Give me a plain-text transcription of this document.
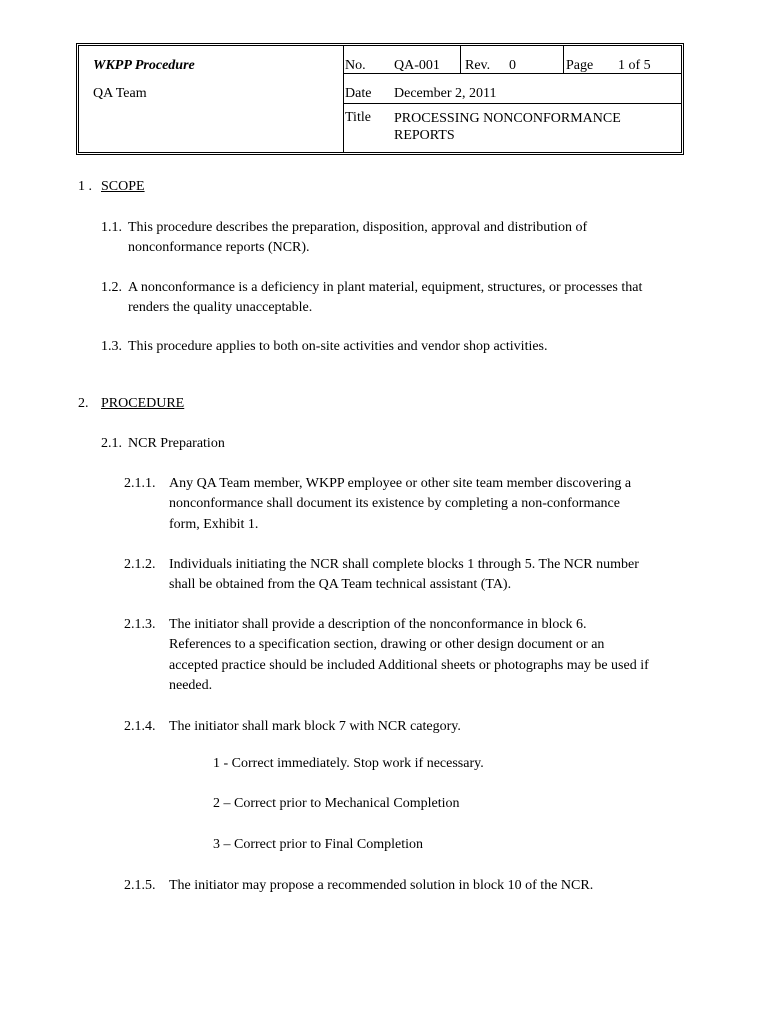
WKPP Procedure
QA Team
No. QA-001 Rev. 0	Page 1 of 5
Date December 2, 2011
Title PROCESSING NONCONFORMANCE REPORTS
1 . SCOPE
1.1. This procedure describes the preparation, disposition, approval and distribution of
nonconformance reports (NCR).
1.2. A nonconformance is a deficiency in plant material, equipment, structures, or processes that
renders the quality unacceptable.
1.3. This procedure applies to both on-site activities and vendor shop activities.
2. PROCEDURE
2.1. NCR Preparation
2.1.1. Any QA Team member, WKPP employee or other site team member discovering a
nonconformance shall document its existence by completing a non-conformance
form, Exhibit 1.
2.1.2. Individuals initiating the NCR shall complete blocks 1 through 5. The NCR number
shall be obtained from the QA Team technical assistant (TA).
2.1.3. The initiator shall provide a description of the nonconformance in block 6.
References to a specification section, drawing or other design document or an
accepted practice should be included Additional sheets or photographs may be used if
needed.
2.1.4. The initiator shall mark block 7 with NCR category.
1 - Correct immediately. Stop work if necessary.
2 – Correct prior to Mechanical Completion
3 – Correct prior to Final Completion
2.1.5. The initiator may propose a recommended solution in block 10 of the NCR.
